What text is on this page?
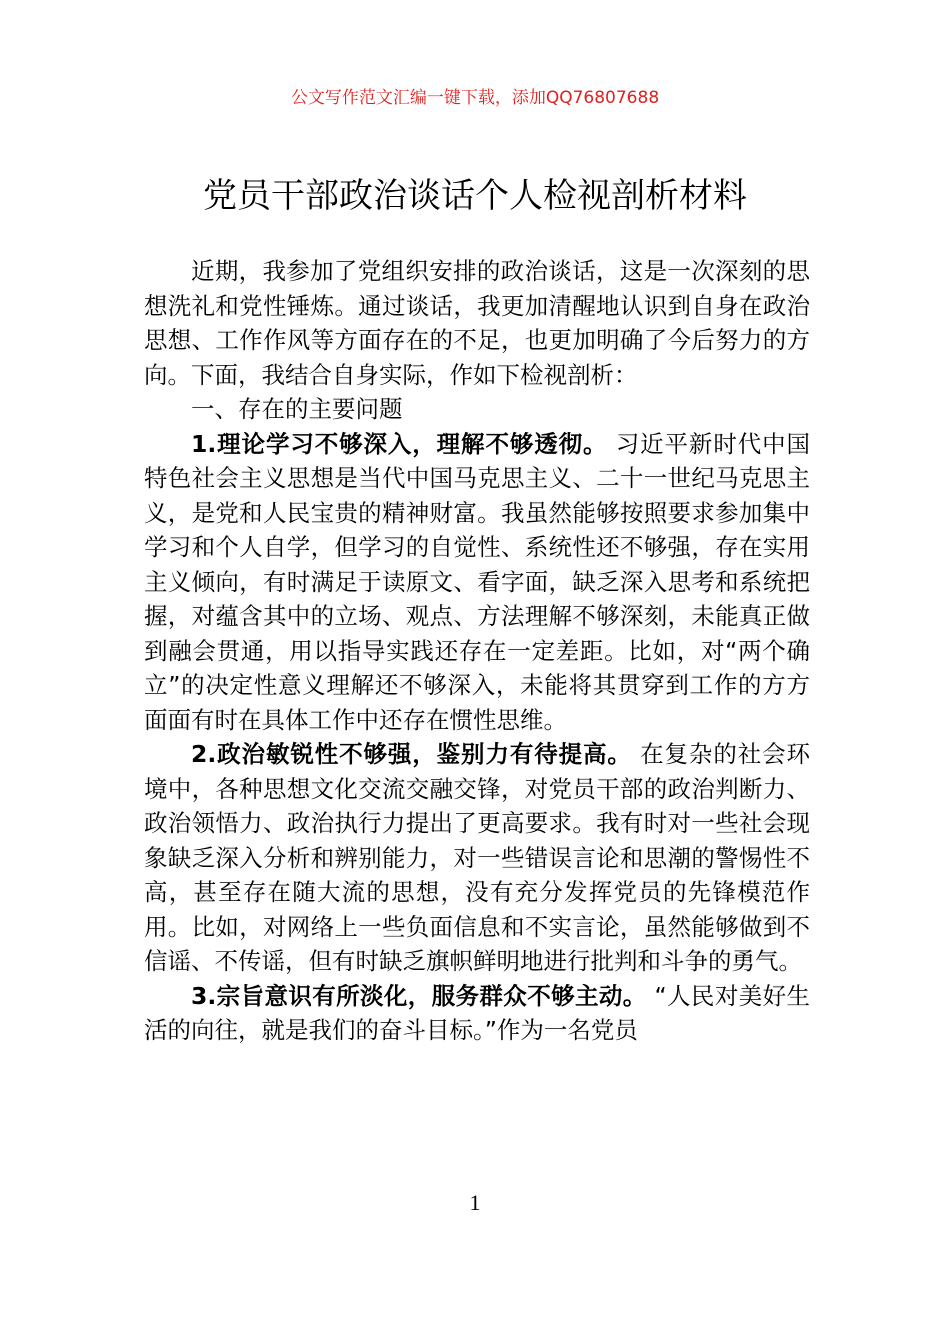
公文写作范文汇编一键下载，添加QQ76807688
党员干部政治谈话个人检视剖析材料

近期，我参加了党组织安排的政治谈话，这是一次深刻的思想洗礼和党性锤炼。通过谈话，我更加清醒地认识到自身在政治思想、工作作风等方面存在的不足，也更加明确了今后努力的方向。下面，我结合自身实际，作如下检视剖析：

一、存在的主要问题

1.理论学习不够深入，理解不够透彻。 习近平新时代中国特色社会主义思想是当代中国马克思主义、二十一世纪马克思主义，是党和人民宝贵的精神财富。我虽然能够按照要求参加集中学习和个人自学，但学习的自觉性、系统性还不够强，存在实用主义倾向，有时满足于读原文、看字面，缺乏深入思考和系统把握，对蕴含其中的立场、观点、方法理解不够深刻，未能真正做到融会贯通，用以指导实践还存在一定差距。比如，对“两个确立”的决定性意义理解还不够深入，未能将其贯穿到工作的方方面面有时在具体工作中还存在惯性思维。

2.政治敏锐性不够强，鉴别力有待提高。 在复杂的社会环境中，各种思想文化交流交融交锋，对党员干部的政治判断力、政治领悟力、政治执行力提出了更高要求。我有时对一些社会现象缺乏深入分析和辨别能力，对一些错误言论和思潮的警惕性不高，甚至存在随大流的思想，没有充分发挥党员的先锋模范作用。比如，对网络上一些负面信息和不实言论，虽然能够做到不信谣、不传谣，但有时缺乏旗帜鲜明地进行批判和斗争的勇气。

3.宗旨意识有所淡化，服务群众不够主动。 “人民对美好生活的向往，就是我们的奋斗目标。”作为一名党员

1
